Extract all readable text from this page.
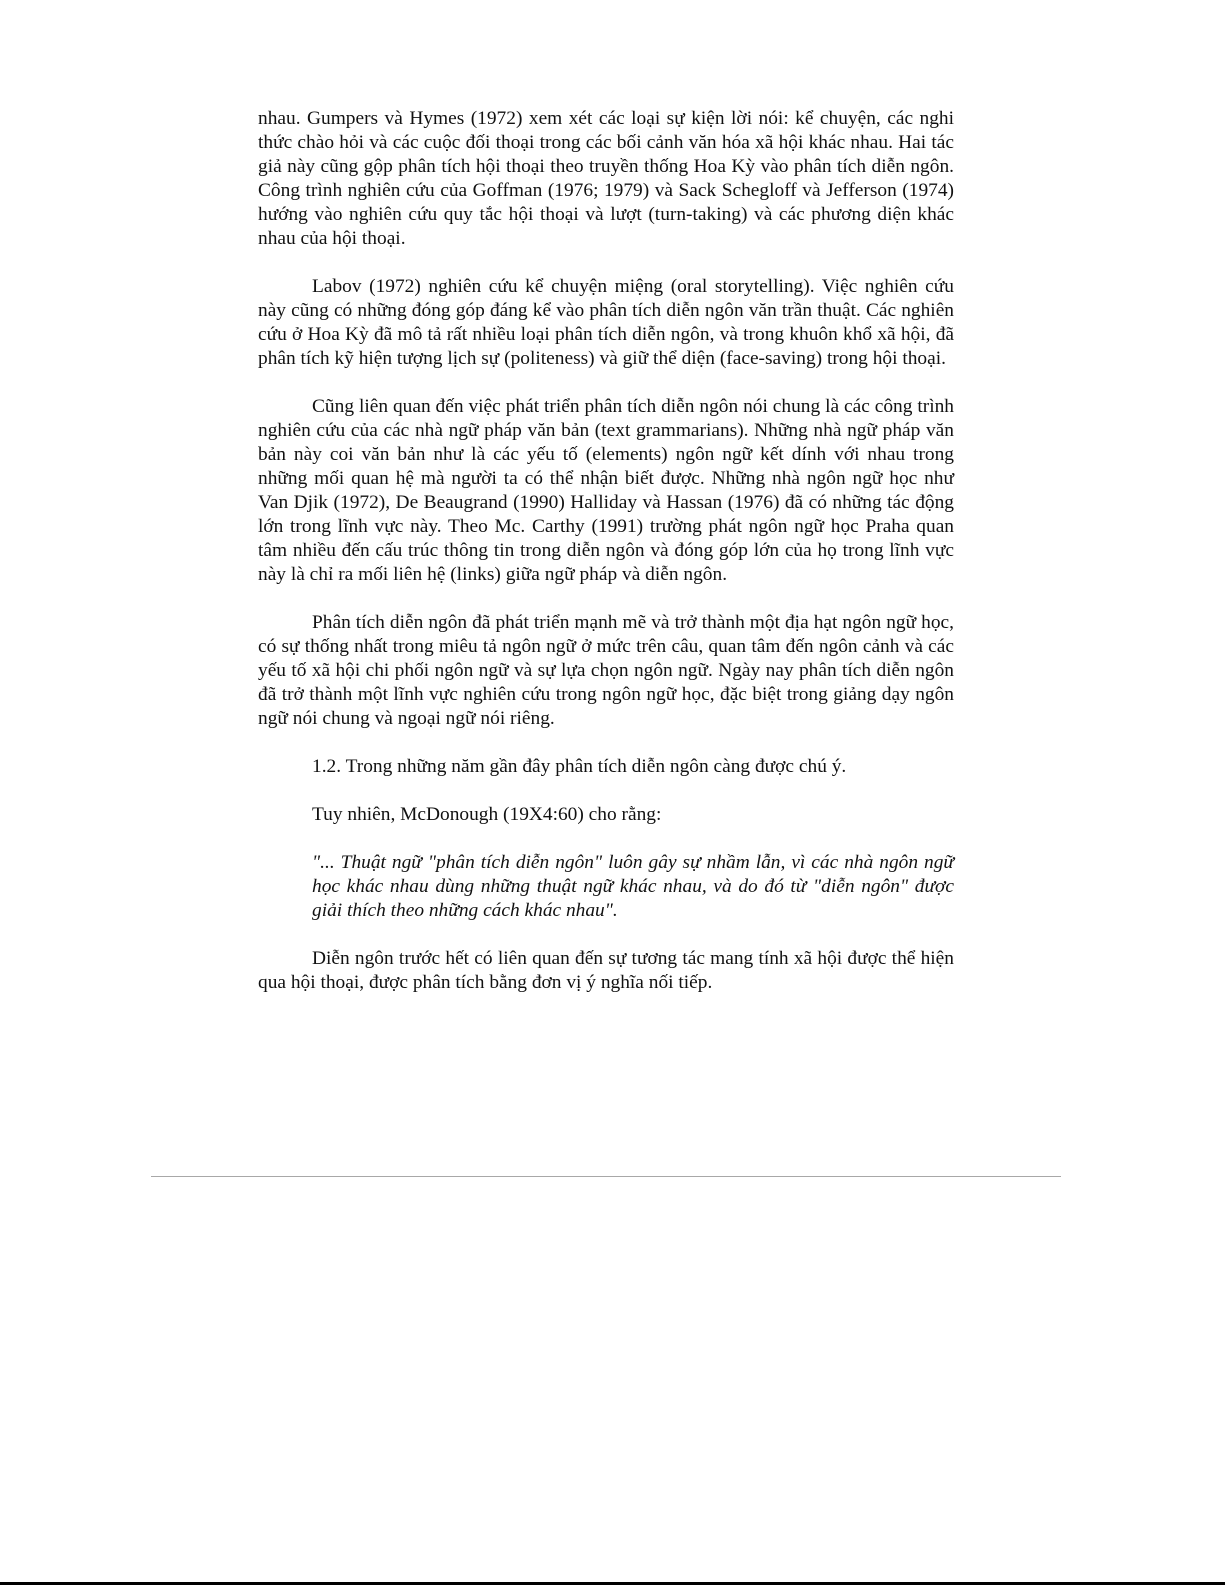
nhau. Gumpers và Hymes (1972) xem xét các loại sự kiện lời nói: kể chuyện, các nghi thức chào hỏi và các cuộc đối thoại trong các bối cảnh văn hóa xã hội khác nhau. Hai tác giả này cũng gộp phân tích hội thoại theo truyền thống Hoa Kỳ vào phân tích diễn ngôn. Công trình nghiên cứu của Goffman (1976; 1979) và Sack Schegloff và Jefferson (1974) hướng vào nghiên cứu quy tắc hội thoại và lượt (turn-taking) và các phương diện khác nhau của hội thoại.

Labov (1972) nghiên cứu kể chuyện miệng (oral storytelling). Việc nghiên cứu này cũng có những đóng góp đáng kể vào phân tích diễn ngôn văn trần thuật. Các nghiên cứu ở Hoa Kỳ đã mô tả rất nhiều loại phân tích diễn ngôn, và trong khuôn khổ xã hội, đã phân tích kỹ hiện tượng lịch sự (politeness) và giữ thể diện (face-saving) trong hội thoại.

Cũng liên quan đến việc phát triển phân tích diễn ngôn nói chung là các công trình nghiên cứu của các nhà ngữ pháp văn bản (text grammarians). Những nhà ngữ pháp văn bản này coi văn bản như là các yếu tố (elements) ngôn ngữ kết dính với nhau trong những mối quan hệ mà người ta có thể nhận biết được. Những nhà ngôn ngữ học như Van Djik (1972), De Beaugrand (1990) Halliday và Hassan (1976) đã có những tác động lớn trong lĩnh vực này. Theo Mc. Carthy (1991) trường phát ngôn ngữ học Praha quan tâm nhiều đến cấu trúc thông tin trong diễn ngôn và đóng góp lớn của họ trong lĩnh vực này là chỉ ra mối liên hệ (links) giữa ngữ pháp và diễn ngôn.

Phân tích diễn ngôn đã phát triển mạnh mẽ và trở thành một địa hạt ngôn ngữ học, có sự thống nhất trong miêu tả ngôn ngữ ở mức trên câu, quan tâm đến ngôn cảnh và các yếu tố xã hội chi phối ngôn ngữ và sự lựa chọn ngôn ngữ. Ngày nay phân tích diễn ngôn đã trở thành một lĩnh vực nghiên cứu trong ngôn ngữ học, đặc biệt trong giảng dạy ngôn ngữ nói chung và ngoại ngữ nói riêng.

1.2. Trong những năm gần đây phân tích diễn ngôn càng được chú ý.

Tuy nhiên, McDonough (19X4:60) cho rằng:

"... Thuật ngữ "phân tích diễn ngôn" luôn gây sự nhầm lẫn, vì các nhà ngôn ngữ học khác nhau dùng những thuật ngữ khác nhau, và do đó từ "diễn ngôn" được giải thích theo những cách khác nhau".

Diễn ngôn trước hết có liên quan đến sự tương tác mang tính xã hội được thể hiện qua hội thoại, được phân tích bằng đơn vị ý nghĩa nối tiếp.
